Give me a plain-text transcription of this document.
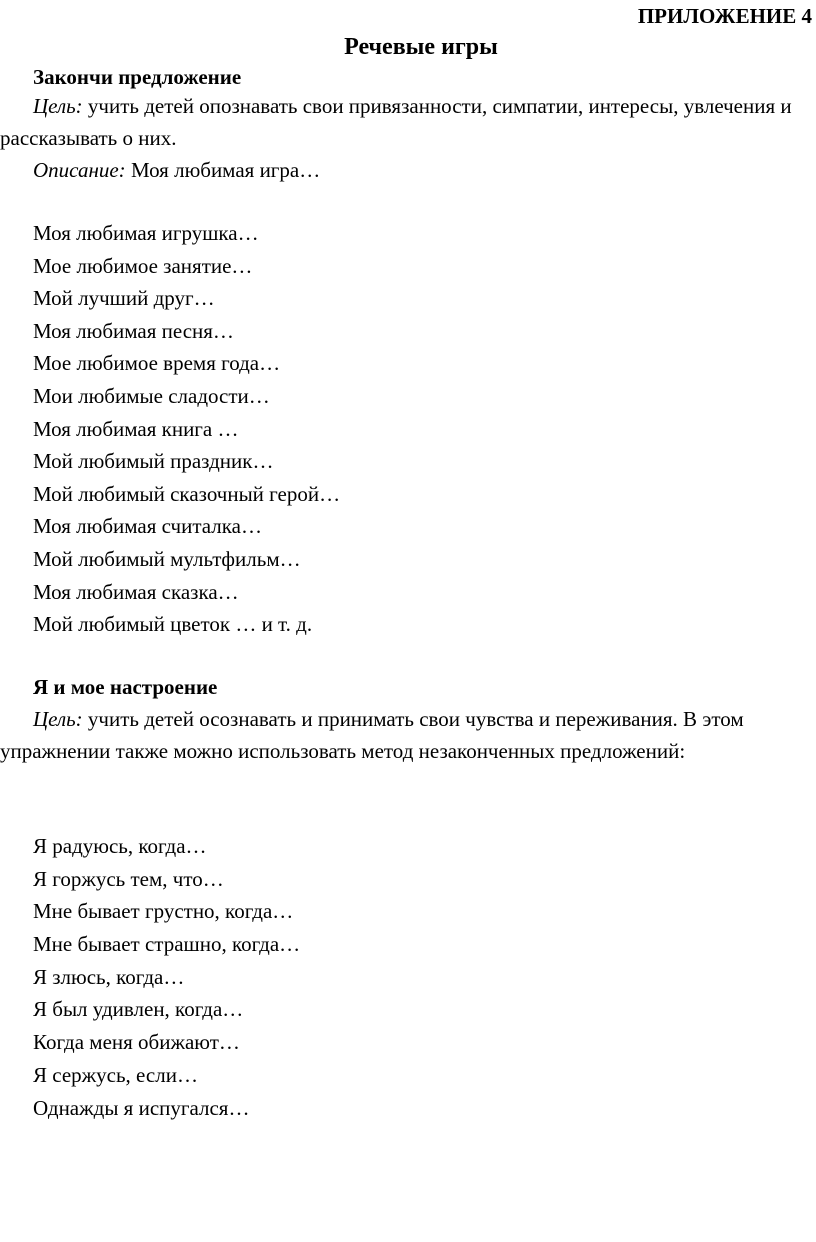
ПРИЛОЖЕНИЕ 4
Речевые игры
Закончи предложение

Цель: учить детей опознавать свои привязанности, симпатии, интересы, увлечения и рассказывать о них.

Описание: Моя любимая игра…

Моя любимая игрушка…
Мое любимое занятие…
Мой лучший друг…
Моя любимая песня…
Мое любимое время года…
Мои любимые сладости…
Моя любимая книга …
Мой любимый праздник…
Мой любимый сказочный герой…
Моя любимая считалка…
Мой любимый мультфильм…
Моя любимая сказка…
Мой любимый цветок … и т. д.
Я и мое настроение

Цель: учить детей осознавать и принимать свои чувства и переживания. В этом упражнении также можно использовать метод незаконченных предложений:

Я радуюсь, когда…
Я горжусь тем, что…
Мне бывает грустно, когда…
Мне бывает страшно, когда…
Я злюсь, когда…
Я был удивлен, когда…
Когда меня обижают…
Я сержусь, если…
Однажды я испугался…
